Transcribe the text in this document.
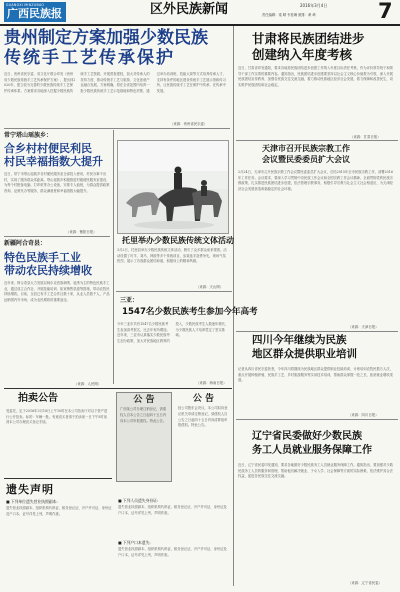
GUANGXI MINZUBAO
广西民族报	区外民族新闻	2016年3月4日
责任编辑：梁 晴 韦桂琳 照排：黄 琦	7
贵州制定方案加强少数民族
传统手工艺传承保护
近日，贵州省民宗委、省文化厅联合印发《贵州省少数民族传统手工艺传承保护方案》，提出到2020年，建立较为完善的少数民族传统手工艺保护传承体系。方案要求各地深入挖掘少数民族传统手工艺资源，开展普查建档，加大对传承人的扶持力度，推动传统手工艺与旅游、文化创意产业融合发展。方案明确，将在全省范围内培育一批少数民族传统手工艺示范基地和特色村寨，通过举办培训班、技能大赛等方式培养传承人才，支持有条件的地区建设传统手工艺展示馆和传习所，让民族传统手工艺在保护中传承、在传承中发展。
（来源：贵州省民宗委）
甘肃将民族团结进步
创建纳入年度考核
近日，甘肃省印发通知，要求各地将民族团结进步创建工作纳入年度目标责任考核，作为评价领导班子和领导干部工作实绩的重要内容。通知指出，民族团结进步创建要坚持以社会主义核心价值观为引领，深入开展民族团结宣传教育，加强各民族交往交流交融，着力推动民族地区经济社会发展，着力保障和改善民生，切实维护民族团结和社会稳定。
（来源：甘肃日报）
常宁塔山瑶族乡：
合乡村村便民利民
村民幸福指数大提升
近日，常宁市塔山瑶族乡各村便民服务室全部投入使用，村民办事不出村，实现了服务群众零距离。塔山瑶族乡积极推进村级便民服务室建设，为每个村配备电脑、打印机等办公设备，安排专人值班，为群众提供政策咨询、证照代办等服务，群众满意度和幸福指数大幅提升。
（来源：衡阳日报）
新疆阿合奇县：
特色民族手工业
带动农民持续增收
近年来，阿合奇县大力发展以柯尔克孜族刺绣、毡绣为主的特色民族手工业，通过成立合作社、开展技能培训、拓宽销售渠道等措施，带动农牧民持续增收。目前，全县已有手工艺合作社数十家，从业人员数千人，产品远销国内外市场，成为农民增收的重要途径。
（来源：人民网）
托里举办少数民族传统文体活动
3月2日，托里县举办少数民族传统文体活动，吸引了众多群众前来观看。活动设置了叼羊、赛马、摔跤等多个传统项目，参赛选手奋勇争先，现场气氛热烈，展示了各族群众团结和谐、积极向上的精神风貌。
（来源：天山网）
三亚：
1547名少数民族考生参加今年高考
今年三亚市共有1547名少数民族考生参加高考报名，比去年有所增加。近年来，三亚市认真落实少数民族考生加分政策，加大对民族地区教育的投入，少数民族考生人数逐年增长，为少数民族人才培养奠定了坚实基础。
（来源：海南日报）
天津市召开民族宗教工作
会议暨民委委员扩大会议
2月24日，天津市召开民族宗教工作会议暨民委委员扩大会议，总结2015年全市民族宗教工作，部署2016年工作任务。会议要求，要深入学习贯彻中央民族工作会议和全国宗教工作会议精神，全面贯彻党的民族宗教政策，扎实推进民族团结进步创建，依法管理宗教事务，积极引导宗教与社会主义社会相适应，为天津经济社会发展营造和谐稳定的社会环境。
（来源：天津日报）
四川今年继续为民族
地区群众提供职业培训
记者从四川省民宗委获悉，今年四川将继续为民族地区群众提供职业技能培训，计划培训农牧民数万人次，重点开展种植养殖、民族手工艺、乡村旅游服务等实用技术培训，帮助群众掌握一技之长，拓宽就业增收渠道。
（来源：四川日报）
辽宁省民委做好少数民族
务工人员就业服务保障工作
近日，辽宁省民委印发通知，要求各地做好少数民族务工人员就业服务保障工作。通知指出，要加强对少数民族务工人员的服务和管理，帮助他们解决就业、子女入学、社会保障等方面的实际困难，依法维护其合法权益，促进各民族交往交流交融。
（来源：辽宁省民委）
拍卖公告
受委托，定于2016年3月18日上午10时在本公司拍卖厅对以下资产进行公开拍卖。标的：车辆一批。有意竞买者请于拍卖前一日下午5时前到本公司办理竞买登记手续。
公 告
广西某公司办理注销登记，请债权人自本公告之日起四十五日内向本公司申报债权。特此公告。
公 告
经公司股东会决议，本公司拟向登记机关申请注销登记，请债权人自公告之日起四十五日内向清算组申报债权。特此公告。
遗失声明
■ 下列单位遗失营业执照副本:	■ 下列人员遗失身份证:
■ 下列户口本遗失:
遗失营业执照副本、组织机构代码证、税务登记证、开户许可证、身份证及户口本，证号详见上列，声明作废。
遗失营业执照副本、组织机构代码证、税务登记证、开户许可证、身份证及户口本，证号详见上列，声明作废。
遗失营业执照副本、组织机构代码证、税务登记证、开户许可证、身份证及户口本，证号详见上列，声明作废。
